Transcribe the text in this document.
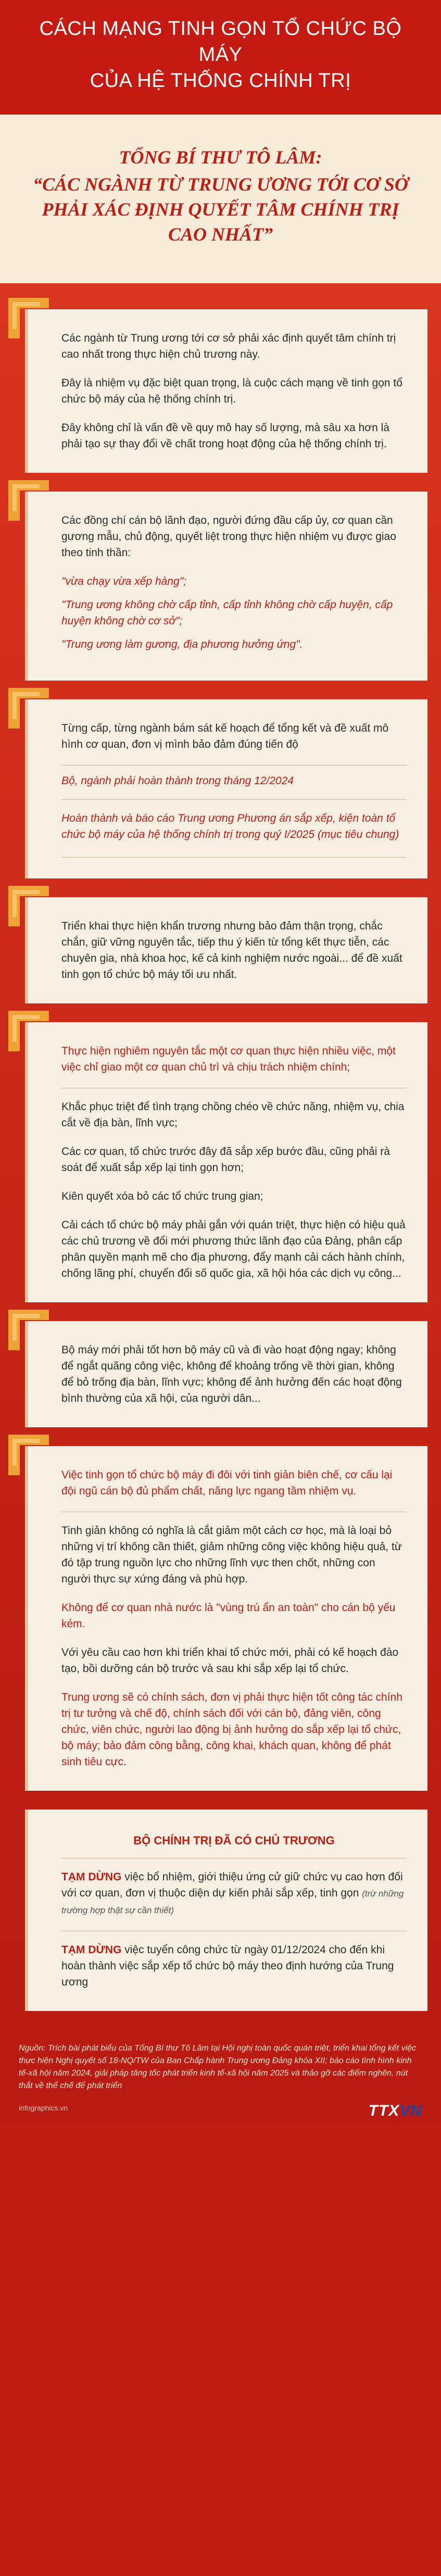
CÁCH MẠNG TINH GỌN TỔ CHỨC BỘ MÁY
CỦA HỆ THỐNG CHÍNH TRỊ
TỔNG BÍ THƯ TÔ LÂM:
“CÁC NGÀNH TỪ TRUNG ƯƠNG TỚI CƠ SỞ
PHẢI XÁC ĐỊNH QUYẾT TÂM CHÍNH TRỊ CAO NHẤT”

Các ngành từ Trung ương tới cơ sở phải xác định quyết tâm chính trị cao nhất trong thực hiện chủ trương này.

Đây là nhiệm vụ đặc biệt quan trọng, là cuộc cách mạng về tinh gọn tổ chức bộ máy của hệ thống chính trị.

Đây không chỉ là vấn đề về quy mô hay số lượng, mà sâu xa hơn là phải tạo sự thay đổi về chất trong hoạt động của hệ thống chính trị.

Các đồng chí cán bộ lãnh đạo, người đứng đầu cấp ủy, cơ quan cần gương mẫu, chủ động, quyết liệt trong thực hiện nhiệm vụ được giao theo tinh thần:

"vừa chạy vừa xếp hàng";

"Trung ương không chờ cấp tỉnh, cấp tỉnh không chờ cấp huyện, cấp huyện không chờ cơ sở";

"Trung ương làm gương, địa phương hưởng ứng".

Từng cấp, từng ngành bám sát kế hoạch để tổng kết và đề xuất mô hình cơ quan, đơn vị mình bảo đảm đúng tiến độ

Bộ, ngành phải hoàn thành trong tháng 12/2024

Hoàn thành và báo cáo Trung ương Phương án sắp xếp, kiện toàn tổ chức bộ máy của hệ thống chính trị trong quý I/2025 (mục tiêu chung)

Triển khai thực hiện khẩn trương nhưng bảo đảm thận trọng, chắc chắn, giữ vững nguyên tắc, tiếp thu ý kiến từ tổng kết thực tiễn, các chuyên gia, nhà khoa học, kế cả kinh nghiệm nước ngoài... để đề xuất tinh gọn tổ chức bộ máy tối ưu nhất.

Thực hiện nghiêm nguyên tắc một cơ quan thực hiện nhiều việc, một việc chỉ giao một cơ quan chủ trì và chịu trách nhiệm chính;

Khắc phục triệt để tình trạng chồng chéo về chức năng, nhiệm vụ, chia cắt về địa bàn, lĩnh vực;

Các cơ quan, tổ chức trước đây đã sắp xếp bước đầu, cũng phải rà soát để xuất sắp xếp lại tinh gọn hơn;

Kiên quyết xóa bỏ các tổ chức trung gian;

Cải cách tổ chức bộ máy phải gắn với quán triệt, thực hiện có hiệu quả các chủ trương về đổi mới phương thức lãnh đạo của Đảng, phân cấp phân quyền mạnh mẽ cho địa phương, đẩy mạnh cải cách hành chính, chống lãng phí, chuyển đổi số quốc gia, xã hội hóa các dịch vụ công...

Bộ máy mới phải tốt hơn bộ máy cũ và đi vào hoạt động ngay; không để ngắt quãng công việc, không để khoảng trống về thời gian, không để bỏ trống địa bàn, lĩnh vực; không để ảnh hưởng đến các hoạt động bình thường của xã hội, của người dân...

Việc tinh gọn tổ chức bộ máy đi đôi với tinh giản biên chế, cơ cấu lại đội ngũ cán bộ đủ phẩm chất, năng lực ngang tầm nhiệm vụ.

Tinh giản không có nghĩa là cắt giảm một cách cơ học, mà là loại bỏ những vị trí không cần thiết, giảm những công việc không hiệu quả, từ đó tập trung nguồn lực cho những lĩnh vực then chốt, những con người thực sự xứng đáng và phù hợp.

Không để cơ quan nhà nước là "vùng trú ẩn an toàn" cho cán bộ yếu kém.

Với yêu cầu cao hơn khi triển khai tổ chức mới, phải có kế hoạch đào tạo, bồi dưỡng cán bộ trước và sau khi sắp xếp lại tổ chức.

Trung ương sẽ có chính sách, đơn vị phải thực hiện tốt công tác chính trị tư tưởng và chế độ, chính sách đối với cán bộ, đảng viên, công chức, viên chức, người lao động bị ảnh hưởng do sắp xếp lại tổ chức, bộ máy; bảo đảm công bằng, công khai, khách quan, không để phát sinh tiêu cực.

BỘ CHÍNH TRỊ ĐÃ CÓ CHỦ TRƯƠNG

TẠM DỪNG việc bổ nhiệm, giới thiệu ứng cử giữ chức vụ cao hơn đối với cơ quan, đơn vị thuộc diện dự kiến phải sắp xếp, tinh gọn (trừ những trường hợp thật sự cần thiết)

TẠM DỪNG việc tuyển công chức từ ngày 01/12/2024 cho đến khi hoàn thành việc sắp xếp tổ chức bộ máy theo định hướng của Trung ương

Nguồn: Trích bài phát biểu của Tổng Bí thư Tô Lâm tại Hội nghị toàn quốc quán triệt, triển khai tổng kết việc thực hiện Nghị quyết số 18-NQ/TW của Ban Chấp hành Trung ương Đảng khóa XII; báo cáo tình hình kinh tế-xã hội năm 2024, giải pháp tăng tốc phát triển kinh tế-xã hội năm 2025 và thảo gỡ các điểm nghẽn, nút thắt về thể chế để phát triển

infographics.vn	TTXVN
